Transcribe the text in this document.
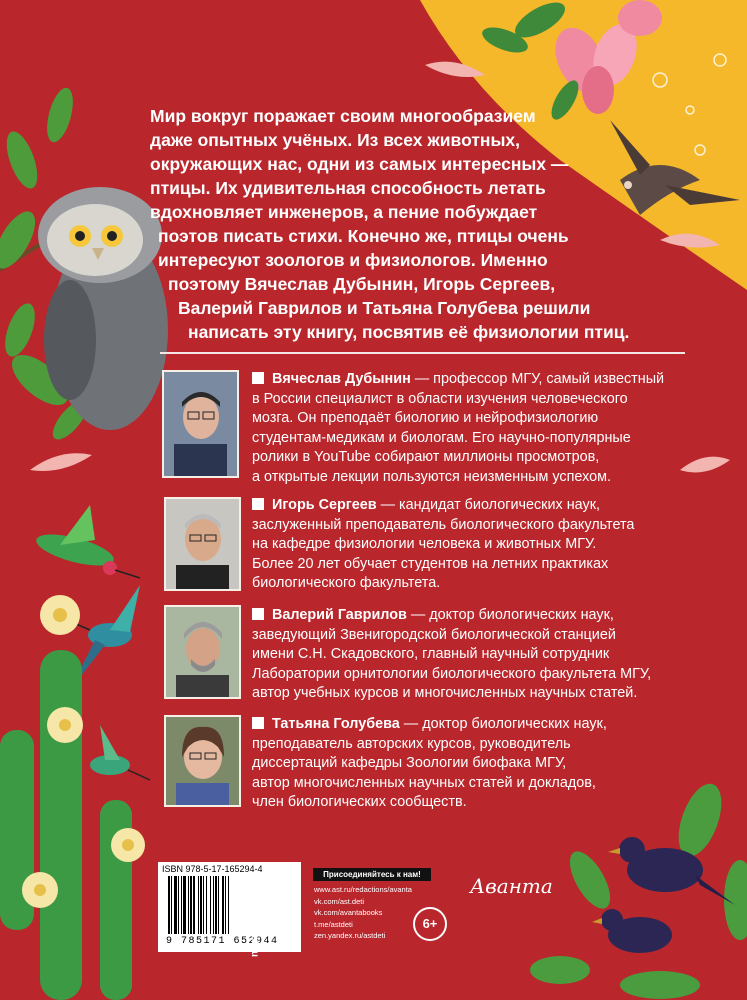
Мир вокруг поражает своим многообразием
даже опытных учёных. Из всех животных,
окружающих нас, одни из самых интересных —
птицы. Их удивительная способность летать
вдохновляет инженеров, а пение побуждает
поэтов писать стихи. Конечно же, птицы очень
интересуют зоологов и физиологов. Именно
поэтому Вячеслав Дубынин, Игорь Сергеев,
Валерий Гаврилов и Татьяна Голубева решили
написать эту книгу, посвятив её физиологии птиц.
Вячеслав Дубынин — профессор МГУ, самый известный
в России специалист в области изучения человеческого
мозга. Он преподаёт биологию и нейрофизиологию
студентам-медикам и биологам. Его научно-популярные
ролики в YouTube собирают миллионы просмотров,
а открытые лекции пользуются неизменным успехом.
Игорь Сергеев — кандидат биологических наук,
заслуженный преподаватель биологического факультета
на кафедре физиологии человека и животных МГУ.
Более 20 лет обучает студентов на летних практиках
биологического факультета.
Валерий Гаврилов — доктор биологических наук,
заведующий Звенигородской биологической станцией
имени С.Н. Скадовского, главный научный сотрудник
Лаборатории орнитологии биологического факультета МГУ,
автор учебных курсов и многочисленных научных статей.
Татьяна Голубева — доктор биологических наук,
преподаватель авторских курсов, руководитель
диссертаций кафедры Зоологии биофака МГУ,
автор многочисленных научных статей и докладов,
член биологических сообществ.
ISBN 978-5-17-165294-4
9 785171 652944
www.ast.ru
Присоединяйтесь к нам!
www.ast.ru/redactions/avanta
vk.com/ast.deti
vk.com/avantabooks
t.me/astdeti
zen.yandex.ru/astdeti
6+
Аванта
